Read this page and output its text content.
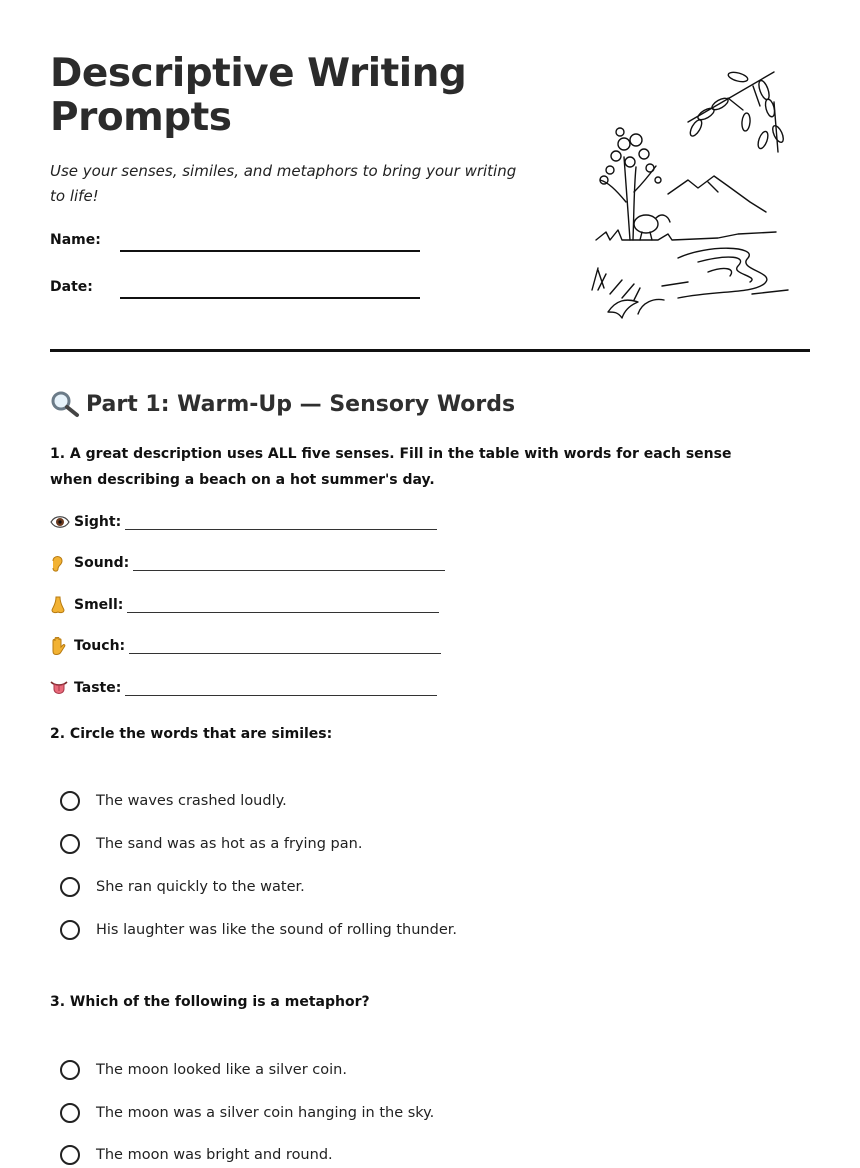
Descriptive Writing Prompts

Use your senses, similes, and metaphors to bring your writing to life!

Name:
Date:
Part 1: Warm-Up — Sensory Words

1. A great description uses ALL five senses. Fill in the table with words for each sense when describing a beach on a hot summer's day.

Sight:
Sound:
Smell:
Touch:
Taste:

2. Circle the words that are similes:

The waves crashed loudly.
The sand was as hot as a frying pan.
She ran quickly to the water.
His laughter was like the sound of rolling thunder.

3. Which of the following is a metaphor?

The moon looked like a silver coin.
The moon was a silver coin hanging in the sky.
The moon was bright and round.
